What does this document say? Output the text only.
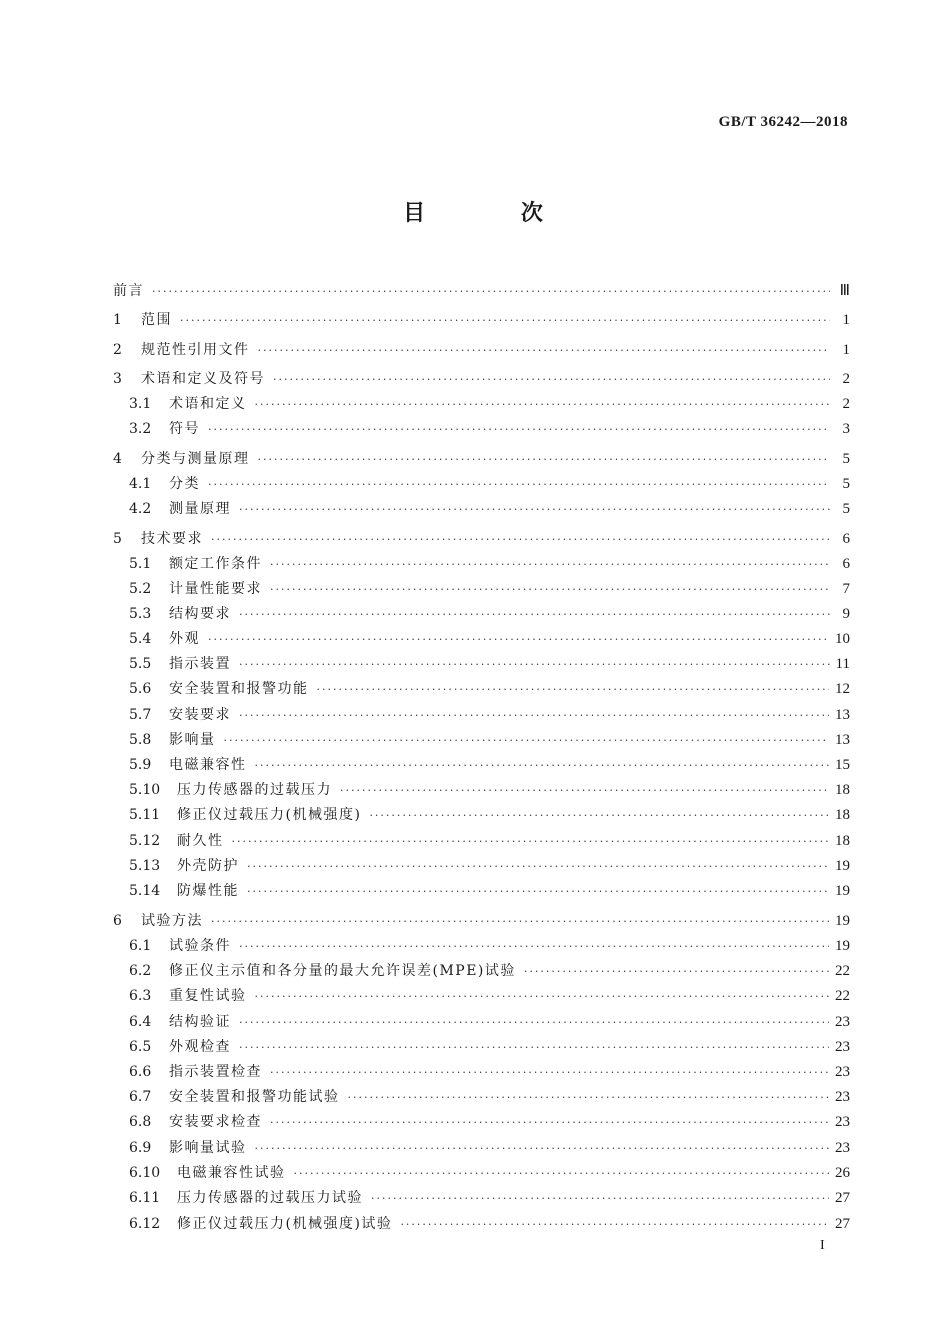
GB/T 36242—2018
目 次
前言 ·····	Ⅲ
1	范围 ·····	1
2	规范性引用文件 ·····	1
3	术语和定义及符号 ·····	2
3.1	术语和定义 ·····	2
3.2	符号 ·····	3
4	分类与测量原理 ·····	5
4.1	分类 ·····	5
4.2	测量原理 ·····	5
5	技术要求 ·····	6
5.1	额定工作条件 ·····	6
5.2	计量性能要求 ·····	7
5.3	结构要求 ·····	9
5.4	外观 ·····	10
5.5	指示装置 ·····	11
5.6	安全装置和报警功能 ·····	12
5.7	安装要求 ·····	13
5.8	影响量 ·····	13
5.9	电磁兼容性 ·····	15
5.10	压力传感器的过载压力 ·····	18
5.11	修正仪过载压力(机械强度) ·····	18
5.12	耐久性 ·····	18
5.13	外壳防护 ·····	19
5.14	防爆性能 ·····	19
6	试验方法 ·····	19
6.1	试验条件 ·····	19
6.2	修正仪主示值和各分量的最大允许误差(MPE)试验 ·····	22
6.3	重复性试验 ·····	22
6.4	结构验证 ·····	23
6.5	外观检查 ·····	23
6.6	指示装置检查 ·····	23
6.7	安全装置和报警功能试验 ·····	23
6.8	安装要求检查 ·····	23
6.9	影响量试验 ·····	23
6.10	电磁兼容性试验 ·····	26
6.11	压力传感器的过载压力试验 ·····	27
6.12	修正仪过载压力(机械强度)试验 ·····	27
I
